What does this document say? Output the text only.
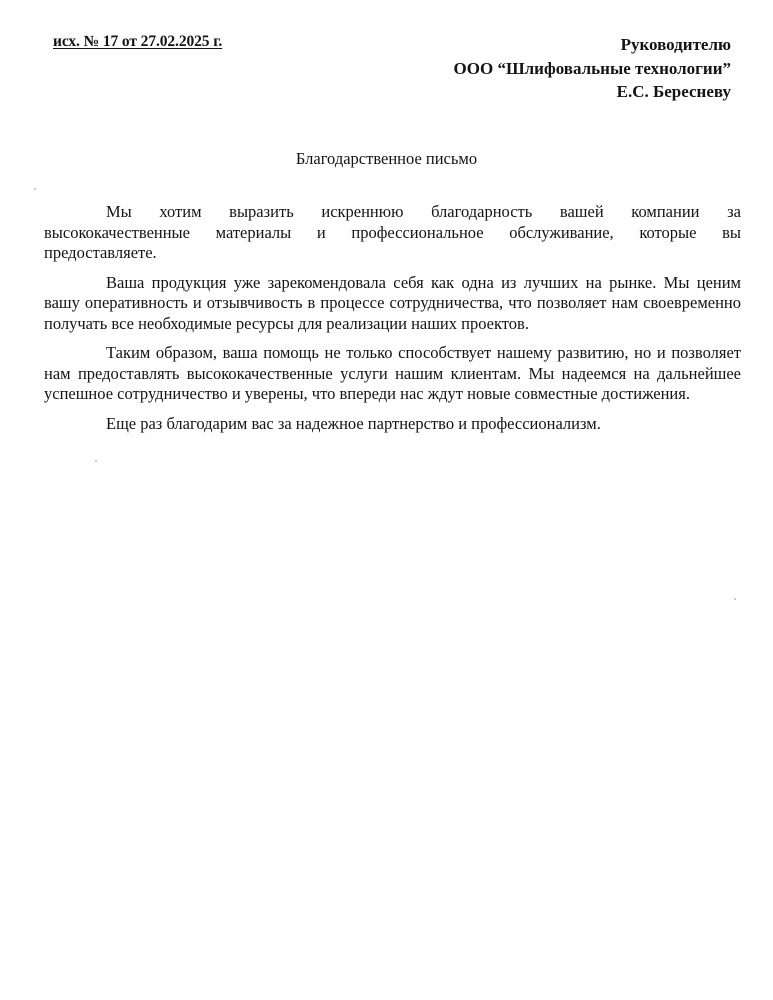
исх. № 17 от 27.02.2025 г.	Руководителю
ООО “Шлифовальные технологии”
Е.С. Бересневу
Благодарственное письмо

Мы хотим выразить искреннюю благодарность вашей компании за высококачественные материалы и профессиональное обслуживание, которые вы предоставляете.

Ваша продукция уже зарекомендовала себя как одна из лучших на рынке. Мы ценим вашу оперативность и отзывчивость в процессе сотрудничества, что позволяет нам своевременно получать все необходимые ресурсы для реализации наших проектов.

Таким образом, ваша помощь не только способствует нашему развитию, но и позволяет нам предоставлять высококачественные услуги нашим клиентам. Мы надеемся на дальнейшее успешное сотрудничество и уверены, что впереди нас ждут новые совместные достижения.

Еще раз благодарим вас за надежное партнерство и профессионализм.
